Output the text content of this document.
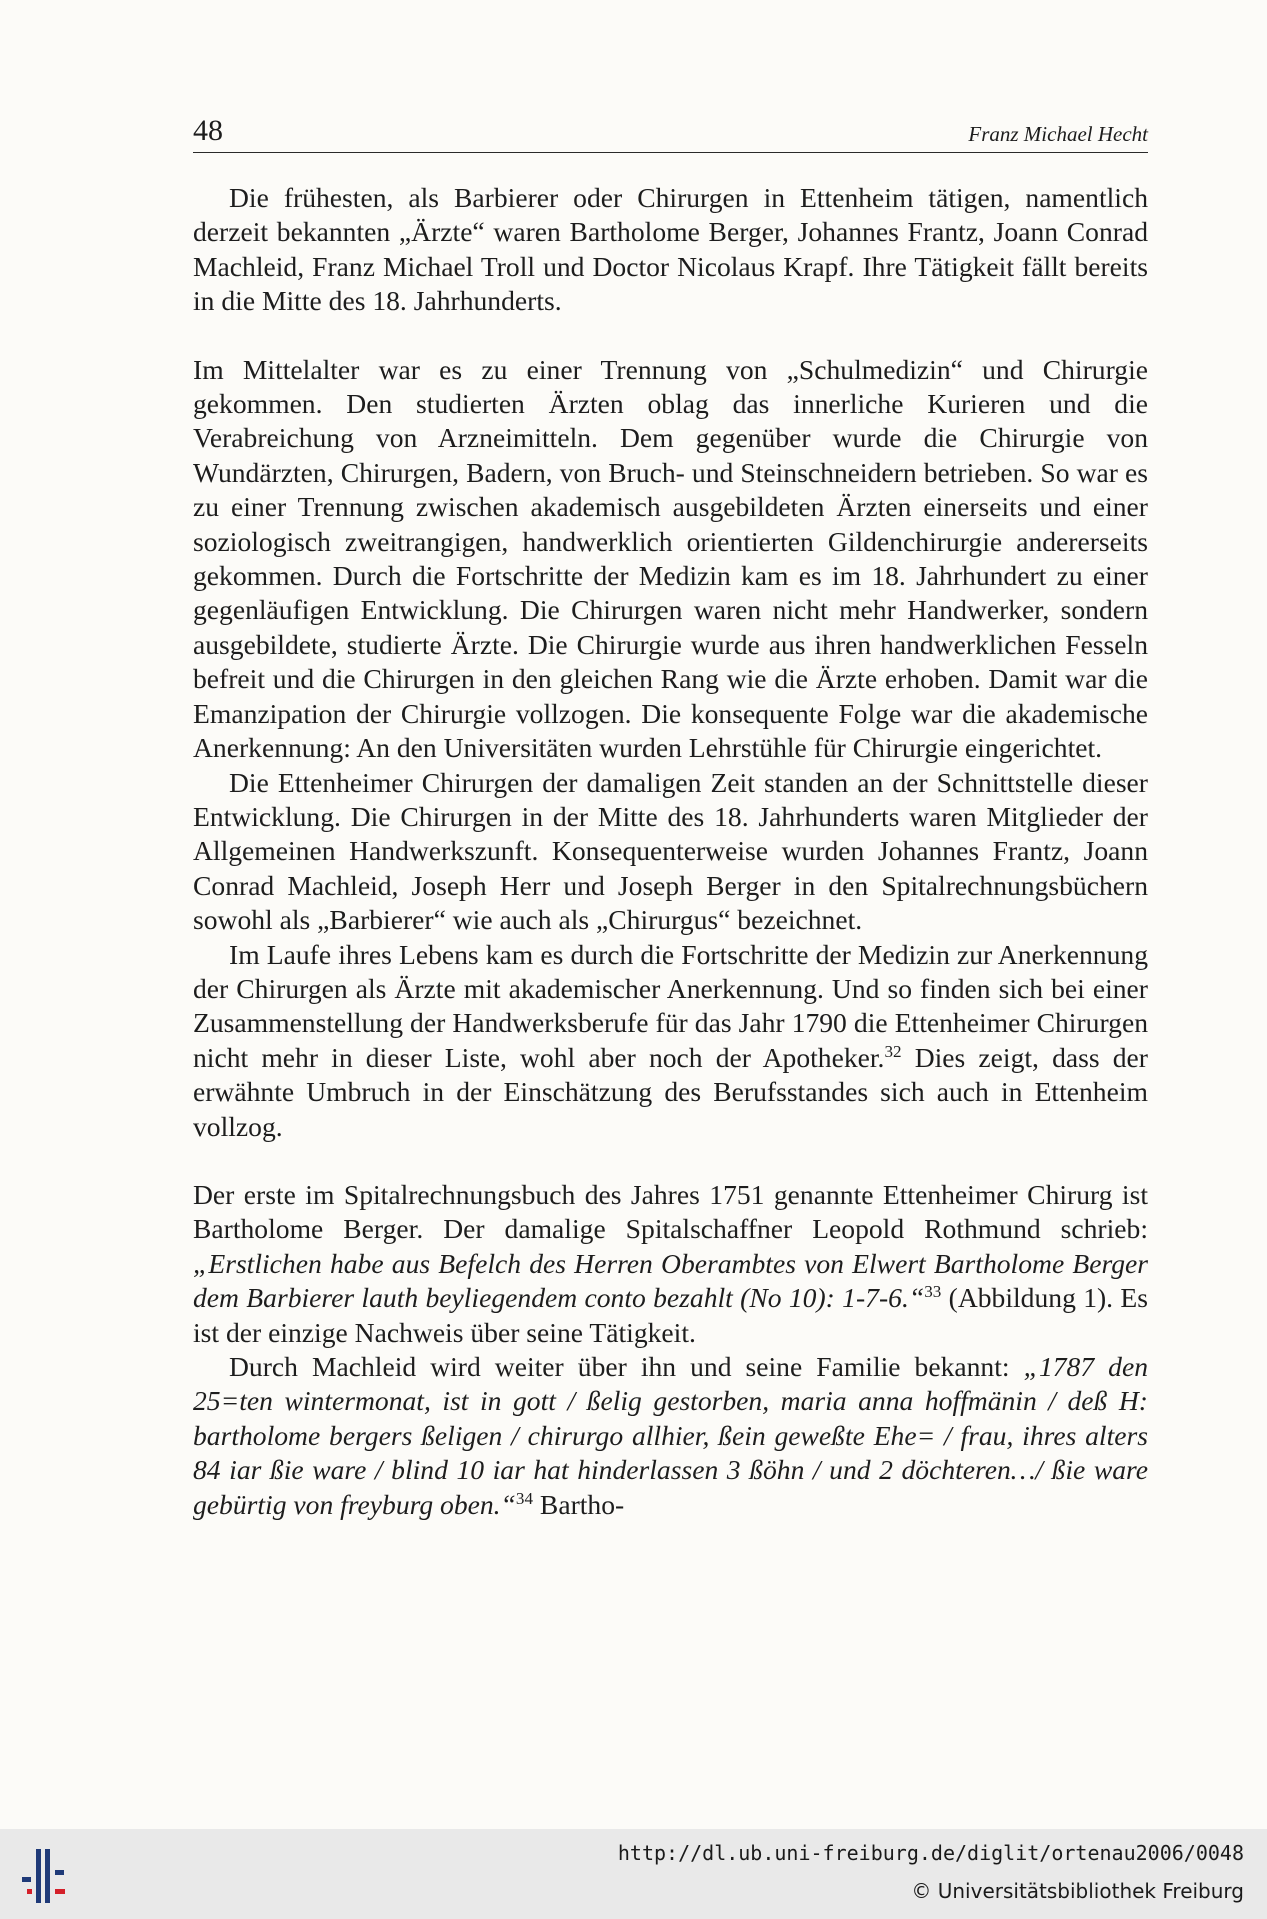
48	Franz Michael Hecht

Die frühesten, als Barbierer oder Chirurgen in Ettenheim tätigen, namentlich derzeit bekannten „Ärzte“ waren Bartholome Berger, Johannes Frantz, Joann Conrad Machleid, Franz Michael Troll und Doctor Nicolaus Krapf. Ihre Tätigkeit fällt bereits in die Mitte des 18. Jahrhunderts.

Im Mittelalter war es zu einer Trennung von „Schulmedizin“ und Chirurgie gekommen. Den studierten Ärzten oblag das innerliche Kurieren und die Verabreichung von Arzneimitteln. Dem gegenüber wurde die Chirurgie von Wundärzten, Chirurgen, Badern, von Bruch- und Steinschneidern betrieben. So war es zu einer Trennung zwischen akademisch ausgebildeten Ärzten einerseits und einer soziologisch zweitrangigen, handwerklich orientierten Gildenchirurgie andererseits gekommen. Durch die Fortschritte der Medizin kam es im 18. Jahrhundert zu einer gegenläufigen Entwicklung. Die Chirurgen waren nicht mehr Handwerker, sondern ausgebildete, studierte Ärzte. Die Chirurgie wurde aus ihren handwerklichen Fesseln befreit und die Chirurgen in den gleichen Rang wie die Ärzte erhoben. Damit war die Emanzipation der Chirurgie vollzogen. Die konsequente Folge war die akademische Anerkennung: An den Universitäten wurden Lehrstühle für Chirurgie eingerichtet.

Die Ettenheimer Chirurgen der damaligen Zeit standen an der Schnittstelle dieser Entwicklung. Die Chirurgen in der Mitte des 18. Jahrhunderts waren Mitglieder der Allgemeinen Handwerkszunft. Konsequenterweise wurden Johannes Frantz, Joann Conrad Machleid, Joseph Herr und Joseph Berger in den Spitalrechnungsbüchern sowohl als „Barbierer“ wie auch als „Chirurgus“ bezeichnet.

Im Laufe ihres Lebens kam es durch die Fortschritte der Medizin zur Anerkennung der Chirurgen als Ärzte mit akademischer Anerkennung. Und so finden sich bei einer Zusammenstellung der Handwerksberufe für das Jahr 1790 die Ettenheimer Chirurgen nicht mehr in dieser Liste, wohl aber noch der Apotheker.$^{32}$ Dies zeigt, dass der erwähnte Umbruch in der Einschätzung des Berufsstandes sich auch in Ettenheim vollzog.

Der erste im Spitalrechnungsbuch des Jahres 1751 genannte Ettenheimer Chirurg ist Bartholome Berger. Der damalige Spitalschaffner Leopold Rothmund schrieb: „Erstlichen habe aus Befelch des Herren Oberambtes von Elwert Bartholome Berger dem Barbierer lauth beyliegendem conto bezahlt (No 10): 1-7-6.“$^{33}$ (Abbildung 1). Es ist der einzige Nachweis über seine Tätigkeit.

Durch Machleid wird weiter über ihn und seine Familie bekannt: „1787 den 25=ten wintermonat, ist in gott / ßelig gestorben, maria anna hoffmänin / deß H: bartholome bergers ßeligen / chirurgo allhier, ßein geweßte Ehe= / frau, ihres alters 84 iar ßie ware / blind 10 iar hat hinderlassen 3 ßöhn / und 2 döchteren…/ ßie ware gebürtig von freyburg oben.“$^{34}$ Bartho-

http://dl.ub.uni-freiburg.de/diglit/ortenau2006/0048
© Universitätsbibliothek Freiburg
